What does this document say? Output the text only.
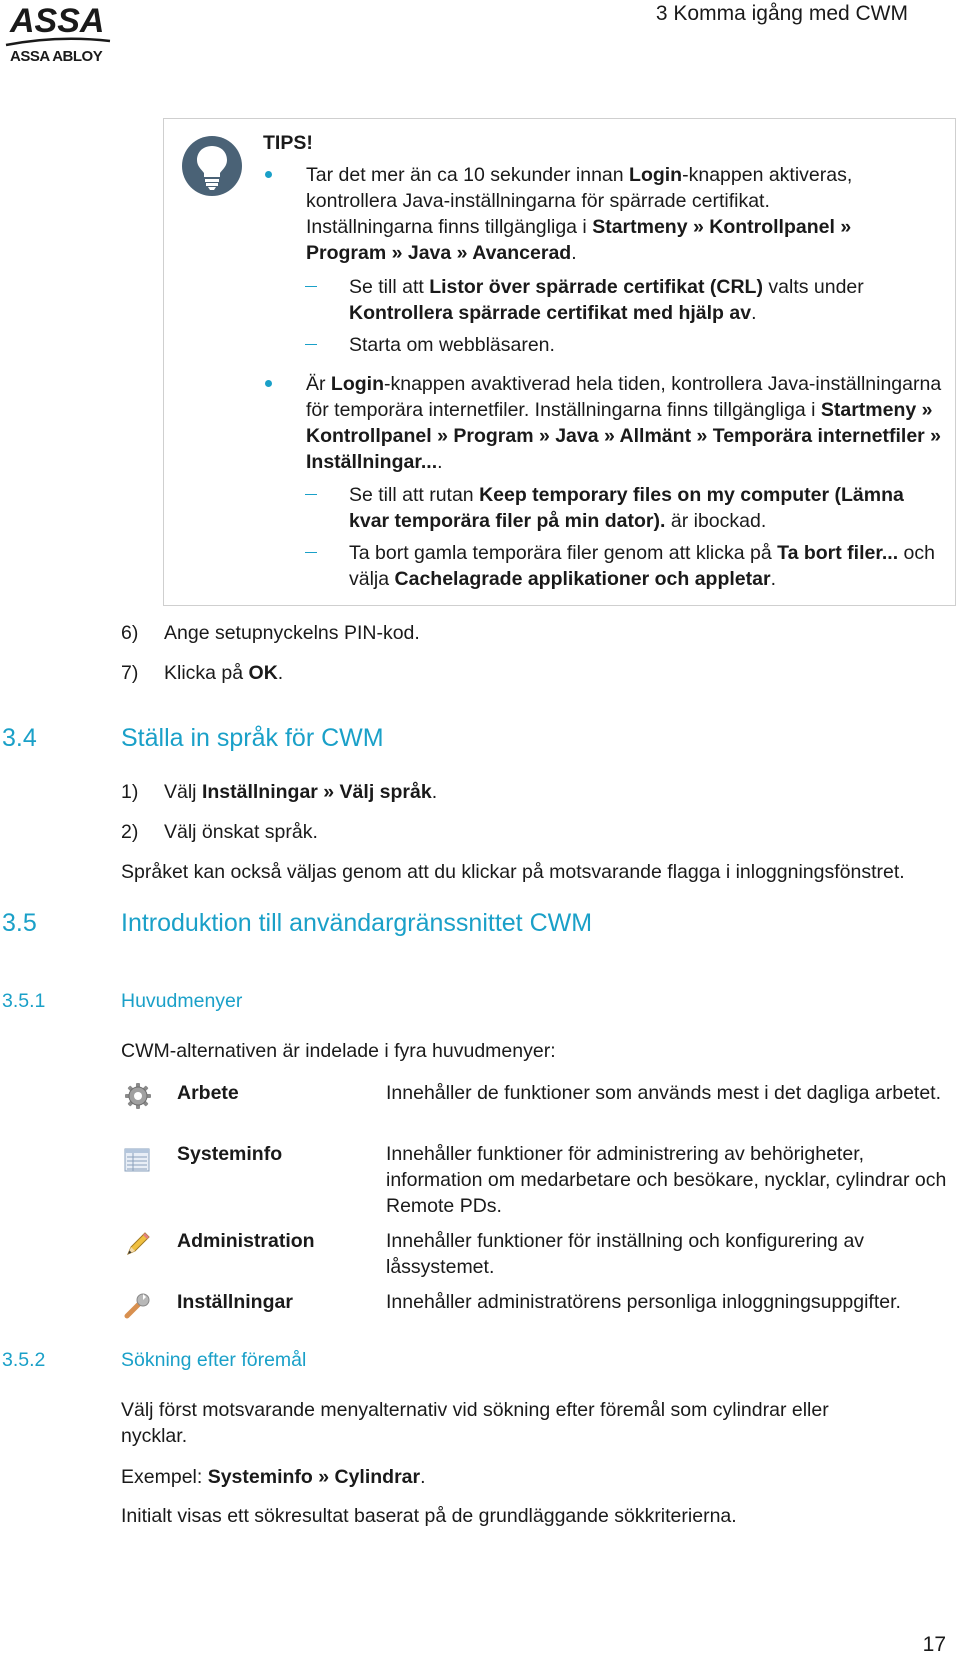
ASSA
ASSA ABLOY
3 Komma igång med CWM
TIPS!
Tar det mer än ca 10 sekunder innan Login-knappen aktiveras, kontrollera Java-inställningarna för spärrade certifikat. Inställningarna finns tillgängliga i Startmeny » Kontrollpanel » Program » Java » Avancerad.
Se till att Listor över spärrade certifikat (CRL) valts under Kontrollera spärrade certifikat med hjälp av.
Starta om webbläsaren.
Är Login-knappen avaktiverad hela tiden, kontrollera Java-inställningarna för temporära internetfiler. Inställningarna finns tillgängliga i Startmeny » Kontrollpanel » Program » Java » Allmänt » Temporära internetfiler » Inställningar....
Se till att rutan Keep temporary files on my computer (Lämna kvar temporära filer på min dator). är ibockad.
Ta bort gamla temporära filer genom att klicka på Ta bort filer... och välja Cachelagrade applikationer och appletar.
6) Ange setupnyckelns PIN-kod.
7) Klicka på OK.
3.4	Ställa in språk för CWM
1) Välj Inställningar » Välj språk.
2) Välj önskat språk.
Språket kan också väljas genom att du klickar på motsvarande flagga i inloggningsfönstret.
3.5	Introduktion till användargränssnittet CWM
3.5.1	Huvudmenyer
CWM-alternativen är indelade i fyra huvudmenyer:
Arbete	Innehåller de funktioner som används mest i det dagliga arbetet.
Systeminfo	Innehåller funktioner för administrering av behörigheter, information om medarbetare och besökare, nycklar, cylindrar och Remote PDs.
Administration	Innehåller funktioner för inställning och konfigurering av låssystemet.
Inställningar	Innehåller administratörens personliga inloggningsuppgifter.
3.5.2	Sökning efter föremål
Välj först motsvarande menyalternativ vid sökning efter föremål som cylindrar eller nycklar.
Exempel: Systeminfo » Cylindrar.
Initialt visas ett sökresultat baserat på de grundläggande sökkriterierna.
17
